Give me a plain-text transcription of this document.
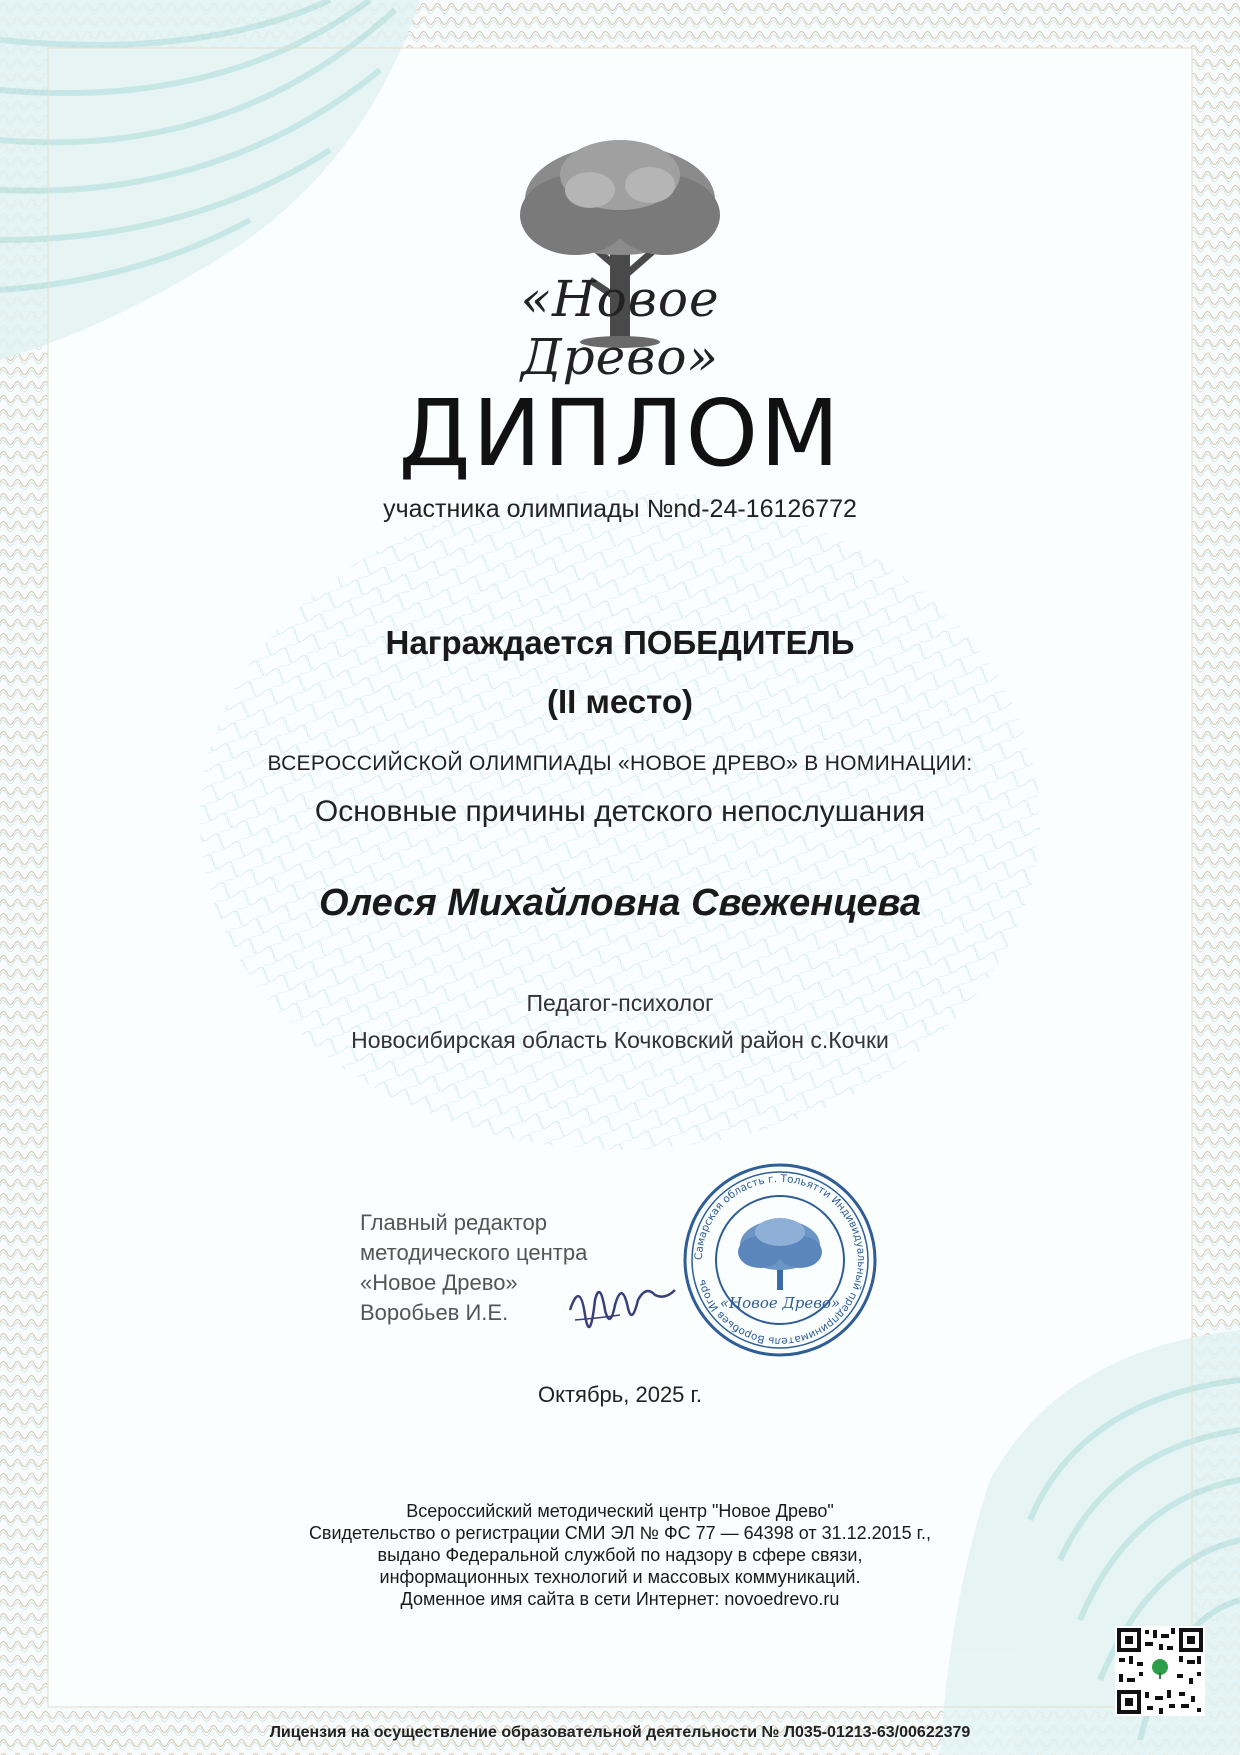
«Новое Древо»
ДИПЛОМ
участника олимпиады №nd-24-16126772
Награждается ПОБЕДИТЕЛЬ
(II место)
ВСЕРОССИЙСКОЙ ОЛИМПИАДЫ «НОВОЕ ДРЕВО» В НОМИНАЦИИ:
Основные причины детского непослушания
Олеся Михайловна Свеженцева
Педагог-психолог
Новосибирская область Кочковский район с.Кочки
Главный редактор
методического центра
«Новое Древо»
Воробьев И.Е.
Самарская область г. Тольятти Индивидуальный предприниматель Воробьев Игорь
«Новое Древо»
Октябрь, 2025 г.
Всероссийский методический центр "Новое Древо"
Свидетельство о регистрации СМИ ЭЛ № ФС 77 — 64398 от 31.12.2015 г.,
выдано Федеральной службой по надзору в сфере связи,
информационных технологий и массовых коммуникаций.
Доменное имя сайта в сети Интернет: novoedrevo.ru
Лицензия на осуществление образовательной деятельности № Л035-01213-63/00622379
